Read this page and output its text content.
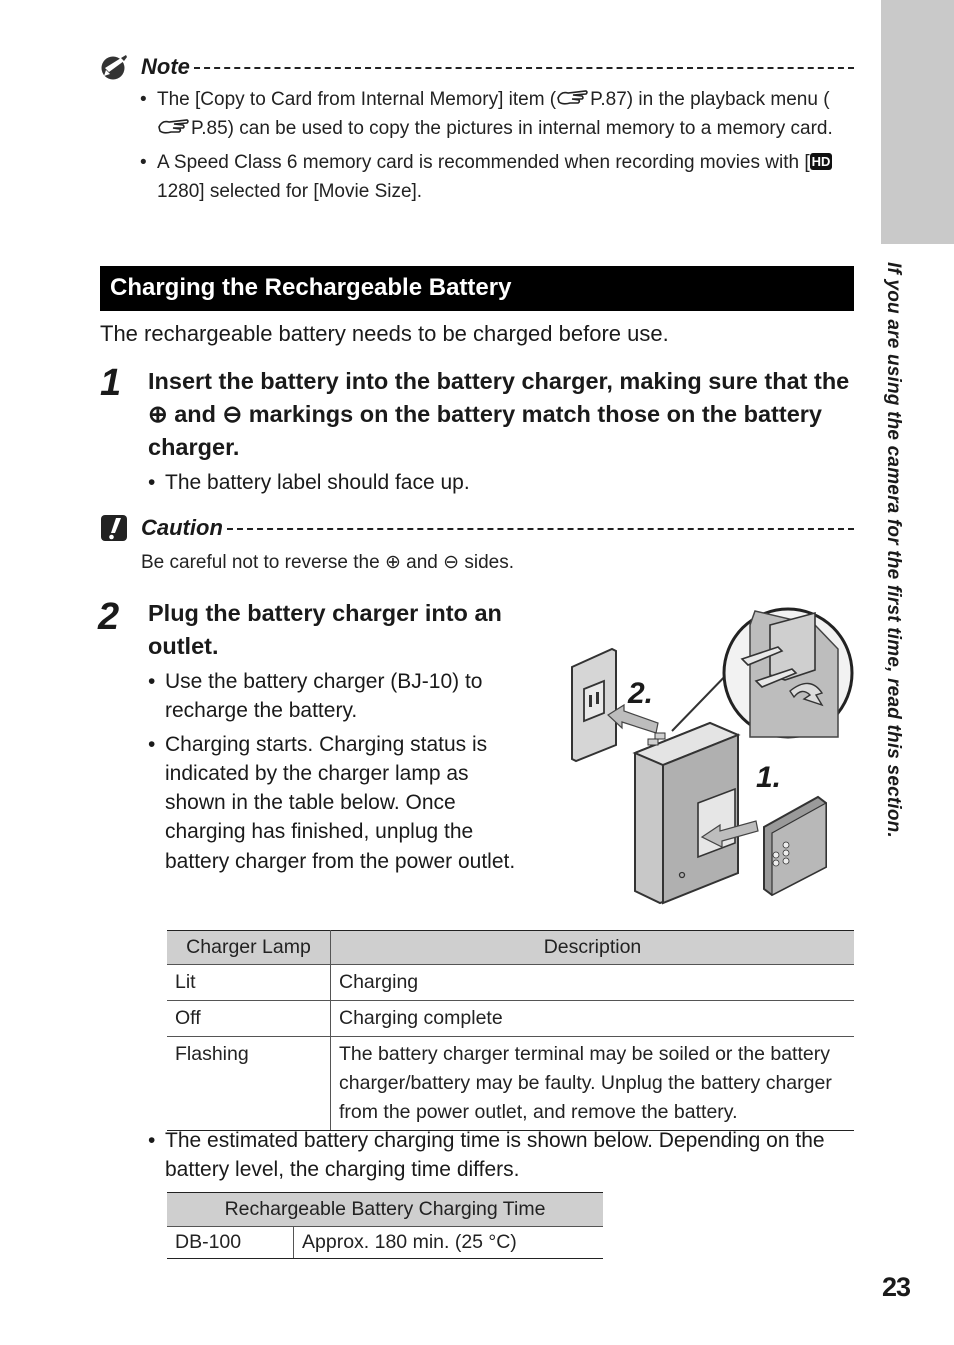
If you are using the camera for the first time, read this section.
Note
• The [Copy to Card from Internal Memory] item ( P.87) in the playback menu (P.85) can be used to copy the pictures in internal memory to a memory card.
• A Speed Class 6 memory card is recommended when recording movies with [ HD1280] selected for [Movie Size].
Charging the Rechargeable Battery
The rechargeable battery needs to be charged before use.
1 Insert the battery into the battery charger, making sure that the ⊕ and ⊖ markings on the battery match those on the battery charger.
• The battery label should face up.
Caution
Be careful not to reverse the ⊕ and ⊖ sides.
2 Plug the battery charger into an outlet.
• Use the battery charger (BJ-10) to recharge the battery.
• Charging starts. Charging status is indicated by the charger lamp as shown in the table below. Once charging has finished, unplug the battery charger from the power outlet.
2.
1.
Charger Lamp	Description
Lit	Charging
Off	Charging complete
Flashing	The battery charger terminal may be soiled or the battery charger/battery may be faulty. Unplug the battery charger from the power outlet, and remove the battery.
• The estimated battery charging time is shown below. Depending on the battery level, the charging time differs.
Rechargeable Battery Charging Time
DB-100	Approx. 180 min. (25 °C)
23
